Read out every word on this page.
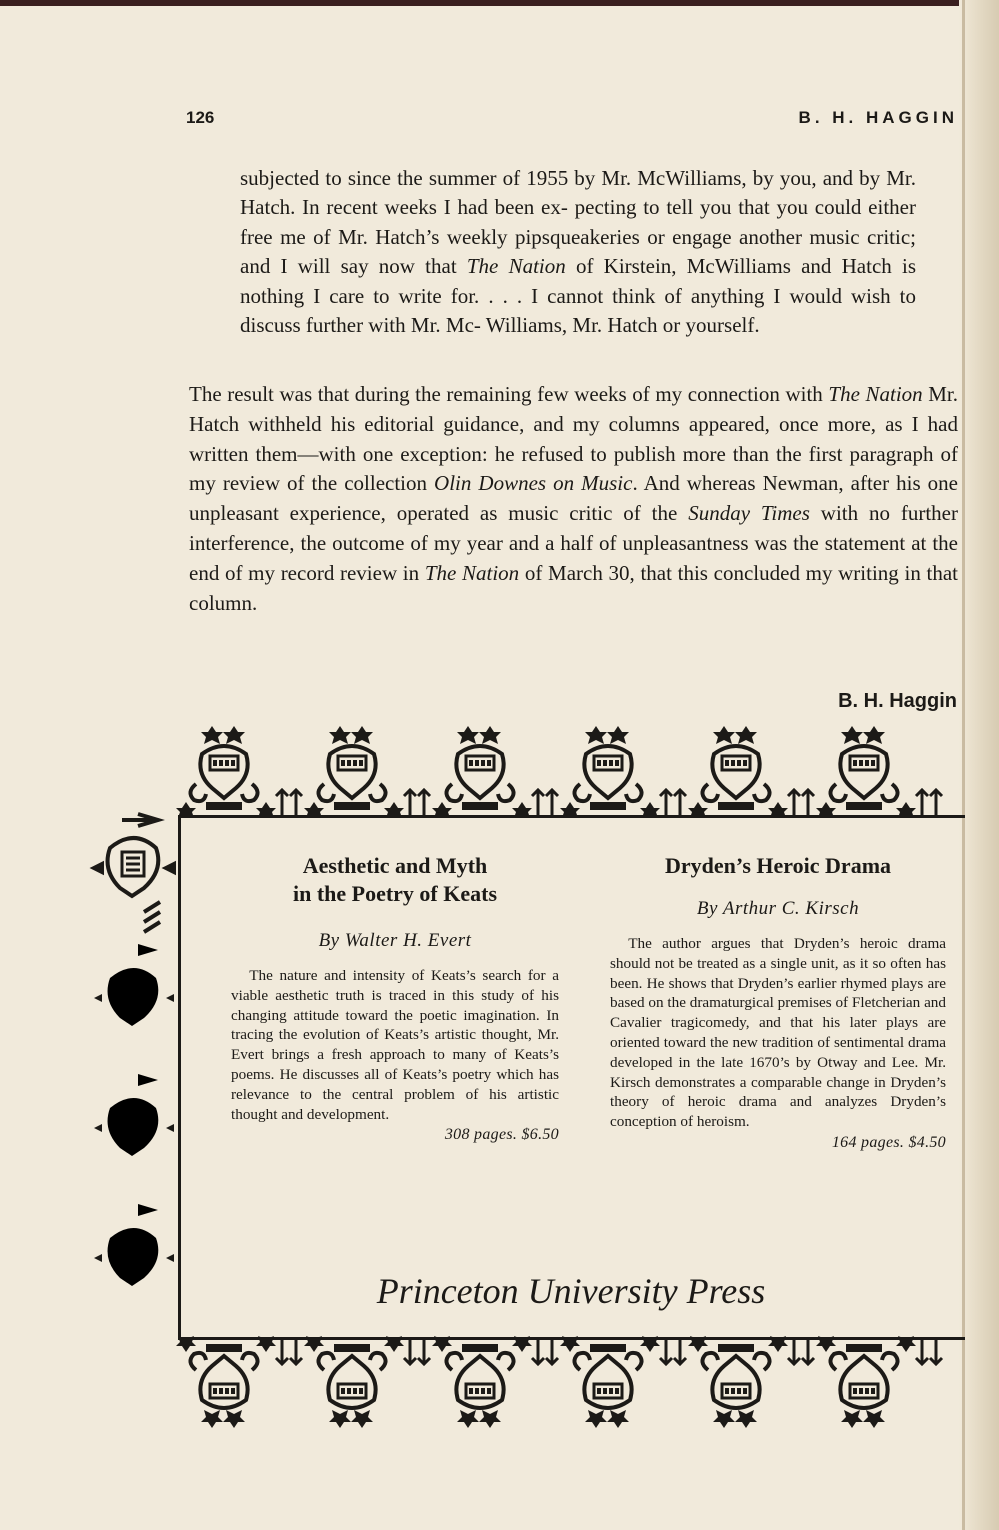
126	B. H. HAGGIN

subjected to since the summer of 1955 by Mr. McWilliams, by you, and by Mr. Hatch. In recent weeks I had been ex- pecting to tell you that you could either free me of Mr. Hatch’s weekly pipsqueakeries or engage another music critic; and I will say now that The Nation of Kirstein, McWilliams and Hatch is nothing I care to write for. . . . I cannot think of anything I would wish to discuss further with Mr. Mc- Williams, Mr. Hatch or yourself.

The result was that during the remaining few weeks of my connection with The Nation Mr. Hatch withheld his editorial guidance, and my columns appeared, once more, as I had written them—with one exception: he refused to publish more than the first paragraph of my review of the collection Olin Downes on Music. And whereas Newman, after his one unpleasant experience, operated as music critic of the Sunday Times with no further interference, the outcome of my year and a half of unpleasantness was the statement at the end of my record review in The Nation of March 30, that this concluded my writing in that column.

B. H. Haggin

Aesthetic and Myth
in the Poetry of Keats

By Walter H. Evert

The nature and intensity of Keats’s search for a viable aesthetic truth is traced in this study of his changing attitude toward the poetic imagination. In tracing the evolution of Keats’s artistic thought, Mr. Evert brings a fresh approach to many of Keats’s poems. He discusses all of Keats’s poetry which has relevance to the central problem of his artistic thought and development.

308 pages. $6.50

Dryden’s Heroic Drama

By Arthur C. Kirsch

The author argues that Dryden’s heroic drama should not be treated as a single unit, as it so often has been. He shows that Dryden’s earlier rhymed plays are based on the dramaturgical premises of Fletcherian and Cavalier tragicomedy, and that his later plays are oriented toward the new tradition of sentimental drama developed in the late 1670’s by Otway and Lee. Mr. Kirsch demonstrates a comparable change in Dryden’s theory of heroic drama and analyzes Dryden’s conception of heroism.

164 pages. $4.50
Princeton University Press
